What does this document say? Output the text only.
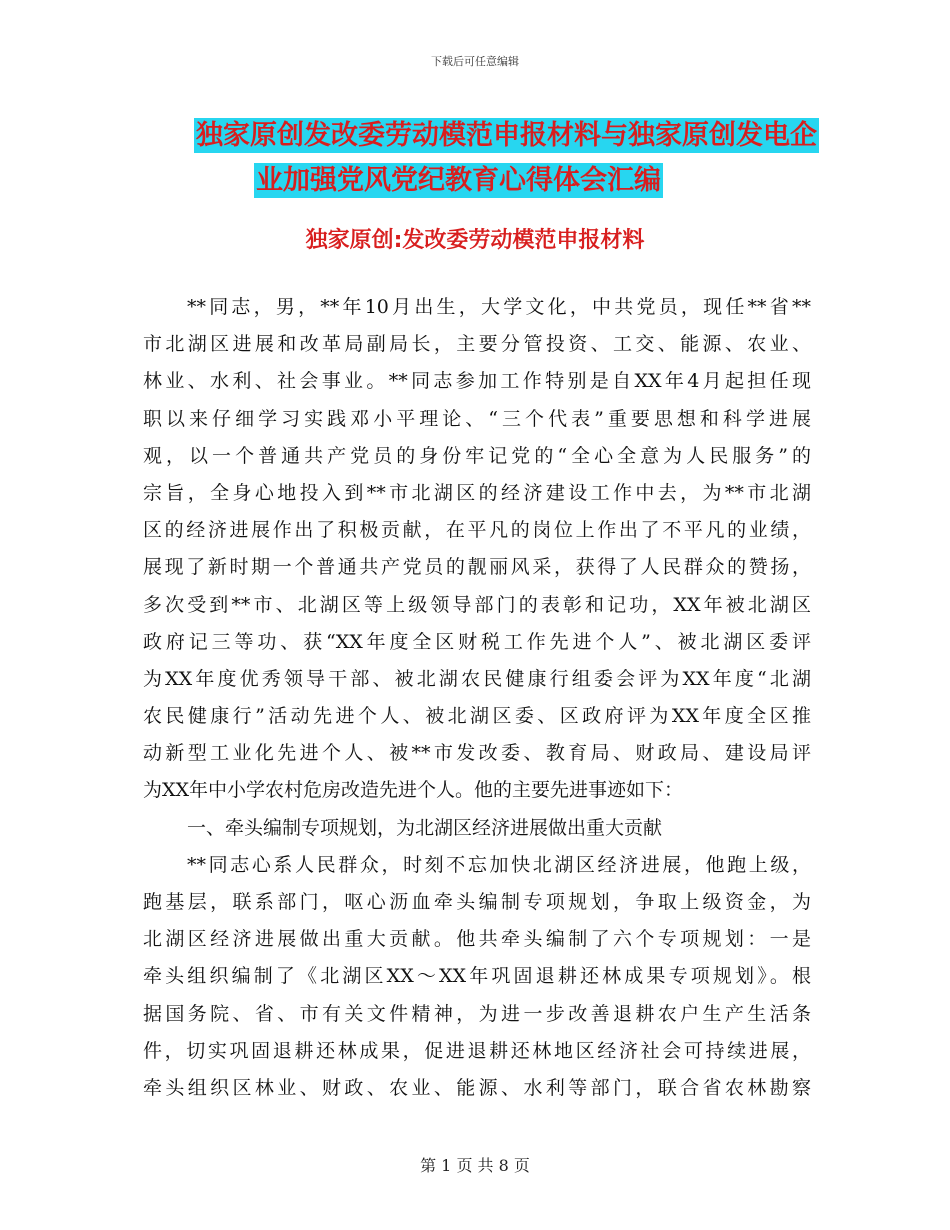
下载后可任意编辑
独家原创发改委劳动模范申报材料与独家原创发电企
业加强党风党纪教育心得体会汇编
独家原创:发改委劳动模范申报材料
**同志，男，**年10月出生，大学文化，中共党员，现任**省**
市北湖区进展和改革局副局长，主要分管投资、工交、能源、农业、
林业、水利、社会事业。**同志参加工作特别是自XX年4月起担任现
职以来仔细学习实践邓小平理论、“三个代表”重要思想和科学进展
观，以一个普通共产党员的身份牢记党的“全心全意为人民服务”的
宗旨，全身心地投入到**市北湖区的经济建设工作中去，为**市北湖
区的经济进展作出了积极贡献，在平凡的岗位上作出了不平凡的业绩，
展现了新时期一个普通共产党员的靓丽风采，获得了人民群众的赞扬，
多次受到**市、北湖区等上级领导部门的表彰和记功，XX年被北湖区
政府记三等功、获“XX年度全区财税工作先进个人”、被北湖区委评
为XX年度优秀领导干部、被北湖农民健康行组委会评为XX年度“北湖
农民健康行”活动先进个人、被北湖区委、区政府评为XX年度全区推
动新型工业化先进个人、被**市发改委、教育局、财政局、建设局评
为XX年中小学农村危房改造先进个人。他的主要先进事迹如下：
一、牵头编制专项规划，为北湖区经济进展做出重大贡献
**同志心系人民群众，时刻不忘加快北湖区经济进展，他跑上级，
跑基层，联系部门，呕心沥血牵头编制专项规划，争取上级资金，为
北湖区经济进展做出重大贡献。他共牵头编制了六个专项规划：一是
牵头组织编制了《北湖区XX～XX年巩固退耕还林成果专项规划》。根
据国务院、省、市有关文件精神，为进一步改善退耕农户生产生活条
件，切实巩固退耕还林成果，促进退耕还林地区经济社会可持续进展，
牵头组织区林业、财政、农业、能源、水利等部门，联合省农林勘察
第 1 页 共 8 页
